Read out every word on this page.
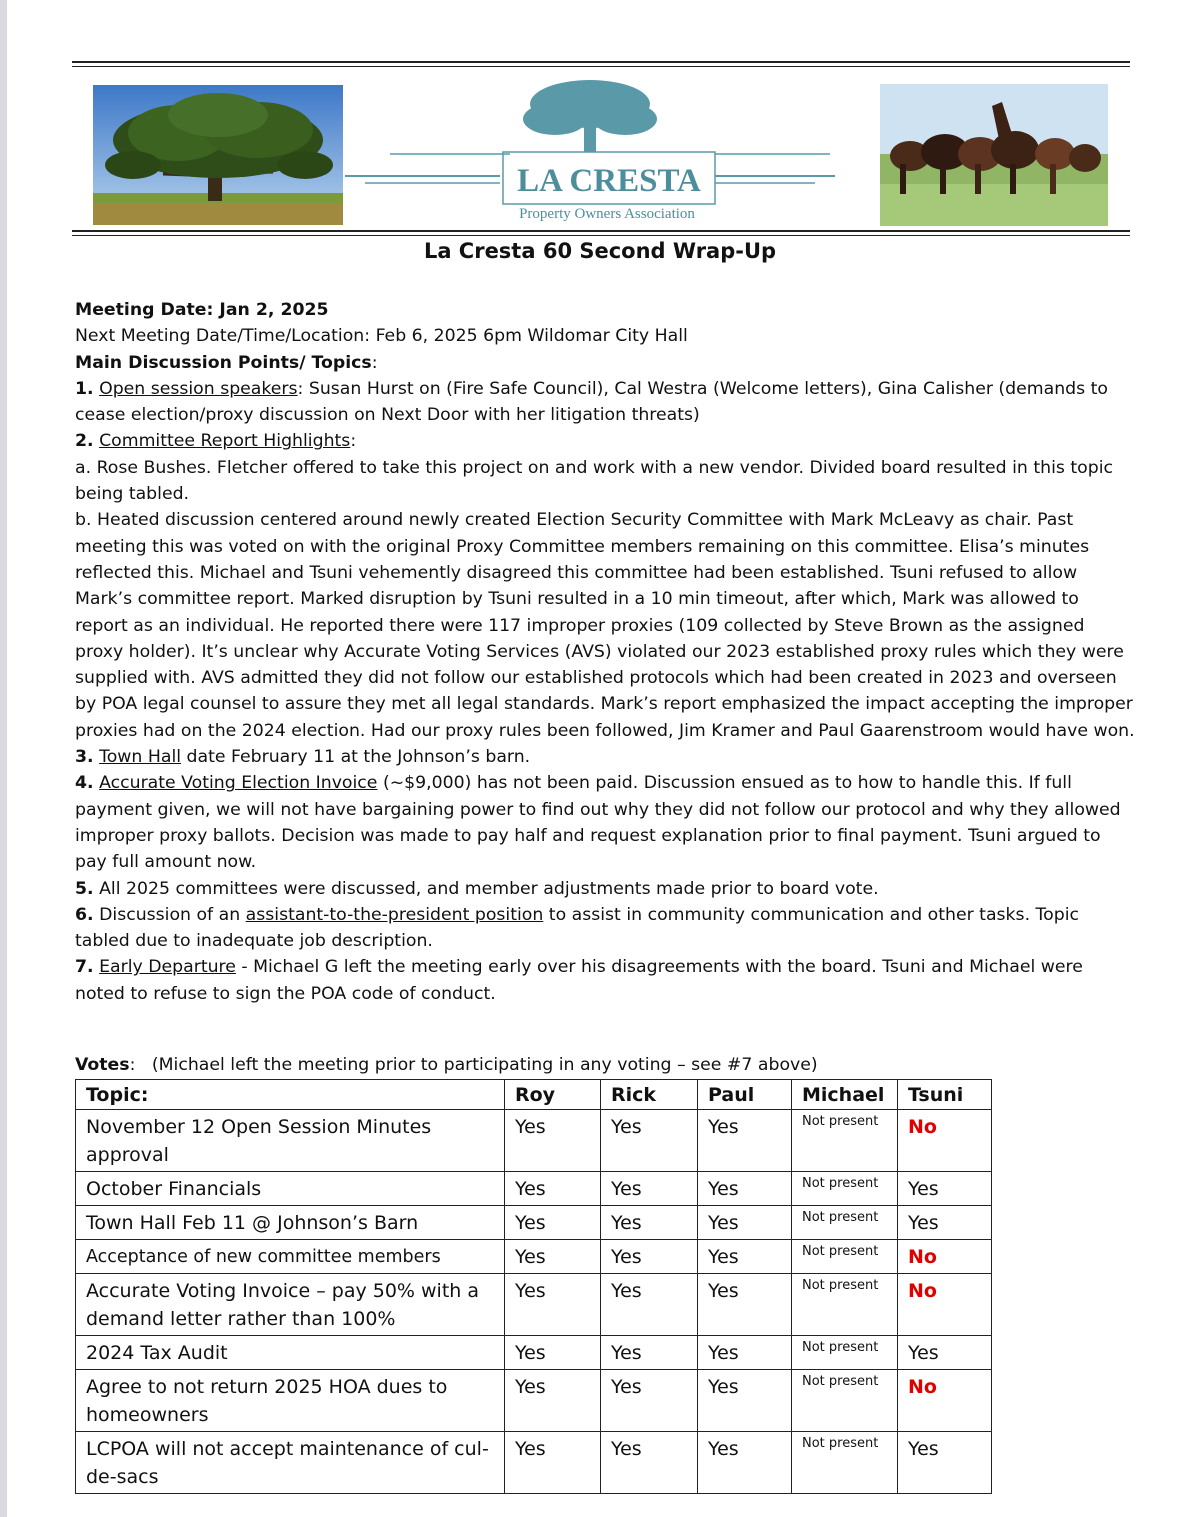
LA CRESTA
Property Owners Association
La Cresta 60 Second Wrap-Up

Meeting Date: Jan 2, 2025

Next Meeting Date/Time/Location: Feb 6, 2025 6pm Wildomar City Hall

Main Discussion Points/ Topics:

1. Open session speakers: Susan Hurst on (Fire Safe Council), Cal Westra (Welcome letters), Gina Calisher (demands to cease election/proxy discussion on Next Door with her litigation threats)

2. Committee Report Highlights:

a. Rose Bushes. Fletcher offered to take this project on and work with a new vendor. Divided board resulted in this topic being tabled.

b. Heated discussion centered around newly created Election Security Committee with Mark McLeavy as chair. Past meeting this was voted on with the original Proxy Committee members remaining on this committee. Elisa’s minutes reflected this. Michael and Tsuni vehemently disagreed this committee had been established. Tsuni refused to allow Mark’s committee report. Marked disruption by Tsuni resulted in a 10 min timeout, after which, Mark was allowed to report as an individual. He reported there were 117 improper proxies (109 collected by Steve Brown as the assigned proxy holder). It’s unclear why Accurate Voting Services (AVS) violated our 2023 established proxy rules which they were supplied with. AVS admitted they did not follow our established protocols which had been created in 2023 and overseen by POA legal counsel to assure they met all legal standards. Mark’s report emphasized the impact accepting the improper proxies had on the 2024 election. Had our proxy rules been followed, Jim Kramer and Paul Gaarenstroom would have won.

3. Town Hall date February 11 at the Johnson’s barn.

4. Accurate Voting Election Invoice (~$9,000) has not been paid. Discussion ensued as to how to handle this. If full payment given, we will not have bargaining power to find out why they did not follow our protocol and why they allowed improper proxy ballots. Decision was made to pay half and request explanation prior to final payment. Tsuni argued to pay full amount now.

5. All 2025 committees were discussed, and member adjustments made prior to board vote.

6. Discussion of an assistant-to-the-president position to assist in community communication and other tasks. Topic tabled due to inadequate job description.

7. Early Departure - Michael G left the meeting early over his disagreements with the board. Tsuni and Michael were noted to refuse to sign the POA code of conduct.

Votes:   (Michael left the meeting prior to participating in any voting – see #7 above)
Topic:	Roy	Rick	Paul	Michael	Tsuni
November 12 Open Session Minutes approval	Yes	Yes	Yes	Not present	No
October Financials	Yes	Yes	Yes	Not present	Yes
Town Hall Feb 11 @ Johnson’s Barn	Yes	Yes	Yes	Not present	Yes
Acceptance of new committee members	Yes	Yes	Yes	Not present	No
Accurate Voting Invoice – pay 50% with a demand letter rather than 100%	Yes	Yes	Yes	Not present	No
2024 Tax Audit	Yes	Yes	Yes	Not present	Yes
Agree to not return 2025 HOA dues to homeowners	Yes	Yes	Yes	Not present	No
LCPOA will not accept maintenance of cul-de-sacs	Yes	Yes	Yes	Not present	Yes
